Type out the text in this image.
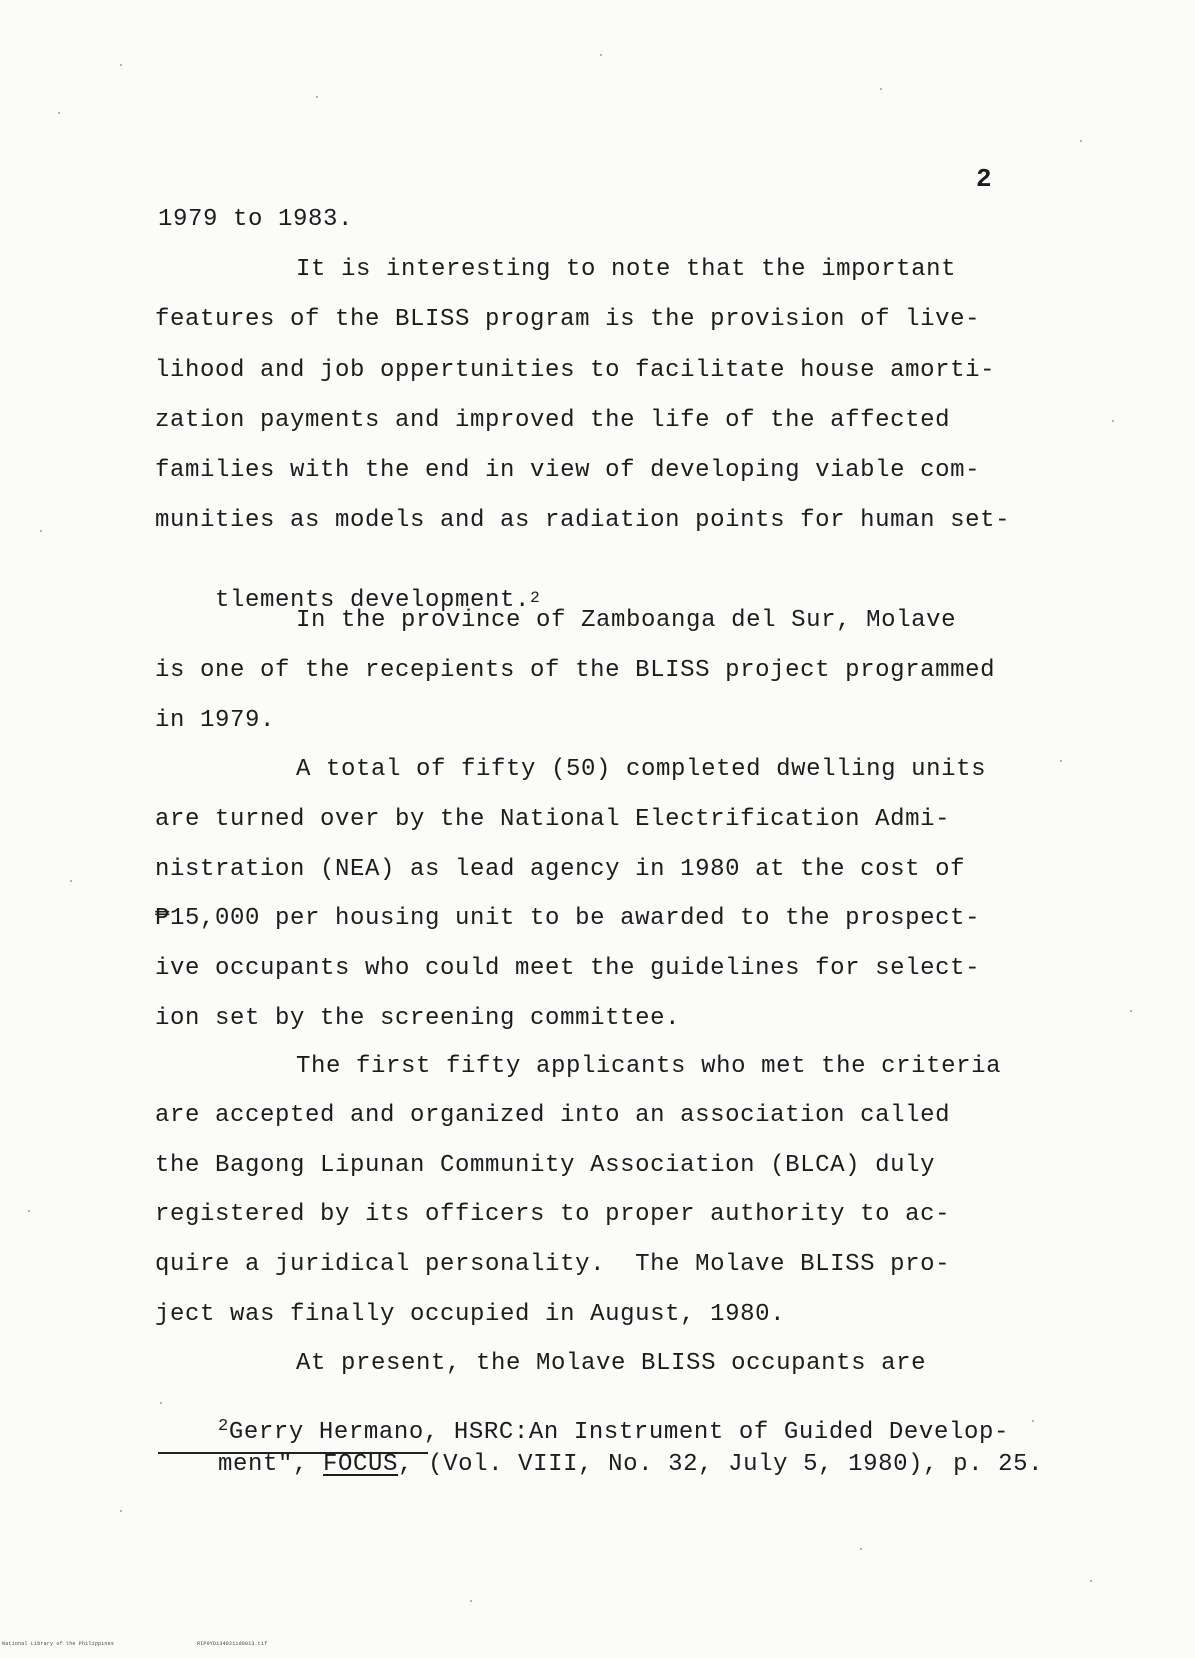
2
1979 to 1983.
It is interesting to note that the important
features of the BLISS program is the provision of live-
lihood and job oppertunities to facilitate house amorti-
zation payments and improved the life of the affected
families with the end in view of developing viable com-
munities as models and as radiation points for human set-

tlements development.$^2$

In the province of Zamboanga del Sur, Molave
is one of the recepients of the BLISS project programmed
in 1979.
A total of fifty (50) completed dwelling units
are turned over by the National Electrification Admi-
nistration (NEA) as lead agency in 1980 at the cost of
₱15,000 per housing unit to be awarded to the prospect-
ive occupants who could meet the guidelines for select-
ion set by the screening committee.
The first fifty applicants who met the criteria
are accepted and organized into an association called
the Bagong Lipunan Community Association (BLCA) duly
registered by its officers to proper authority to ac-
quire a juridical personality.  The Molave BLISS pro-
ject was finally occupied in August, 1980.
At present, the Molave BLISS occupants are

$^2$Gerry Hermano, HSRC:An Instrument of Guided Develop-

ment", FOCUS, (Vol. VIII, No. 32, July 5, 1980), p. 25.

National Library of the Philippines	RIP0YD1349211d0013.tif
